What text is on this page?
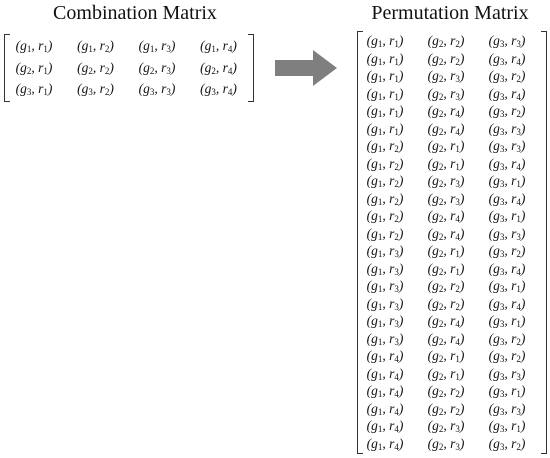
Combination Matrix	Permutation Matrix
($g_1$, $r_1$)	($g_1$, $r_2$)	($g_1$, $r_3$)	($g_1$, $r_4$)
($g_2$, $r_1$)	($g_2$, $r_2$)	($g_2$, $r_3$)	($g_2$, $r_4$)
($g_3$, $r_1$)	($g_3$, $r_2$)	($g_3$, $r_3$)	($g_3$, $r_4$)
($g_1$, $r_1$)	($g_2$, $r_2$)	($g_3$, $r_3$)
($g_1$, $r_1$)	($g_2$, $r_2$)	($g_3$, $r_4$)
($g_1$, $r_1$)	($g_2$, $r_3$)	($g_3$, $r_2$)
($g_1$, $r_1$)	($g_2$, $r_3$)	($g_3$, $r_4$)
($g_1$, $r_1$)	($g_2$, $r_4$)	($g_3$, $r_2$)
($g_1$, $r_1$)	($g_2$, $r_4$)	($g_3$, $r_3$)
($g_1$, $r_2$)	($g_2$, $r_1$)	($g_3$, $r_3$)
($g_1$, $r_2$)	($g_2$, $r_1$)	($g_3$, $r_4$)
($g_1$, $r_2$)	($g_2$, $r_3$)	($g_3$, $r_1$)
($g_1$, $r_2$)	($g_2$, $r_3$)	($g_3$, $r_4$)
($g_1$, $r_2$)	($g_2$, $r_4$)	($g_3$, $r_1$)
($g_1$, $r_2$)	($g_2$, $r_4$)	($g_3$, $r_3$)
($g_1$, $r_3$)	($g_2$, $r_1$)	($g_3$, $r_2$)
($g_1$, $r_3$)	($g_2$, $r_1$)	($g_3$, $r_4$)
($g_1$, $r_3$)	($g_2$, $r_2$)	($g_3$, $r_1$)
($g_1$, $r_3$)	($g_2$, $r_2$)	($g_3$, $r_4$)
($g_1$, $r_3$)	($g_2$, $r_4$)	($g_3$, $r_1$)
($g_1$, $r_3$)	($g_2$, $r_4$)	($g_3$, $r_2$)
($g_1$, $r_4$)	($g_2$, $r_1$)	($g_3$, $r_2$)
($g_1$, $r_4$)	($g_2$, $r_1$)	($g_3$, $r_3$)
($g_1$, $r_4$)	($g_2$, $r_2$)	($g_3$, $r_1$)
($g_1$, $r_4$)	($g_2$, $r_2$)	($g_3$, $r_3$)
($g_1$, $r_4$)	($g_2$, $r_3$)	($g_3$, $r_1$)
($g_1$, $r_4$)	($g_2$, $r_3$)	($g_3$, $r_2$)
